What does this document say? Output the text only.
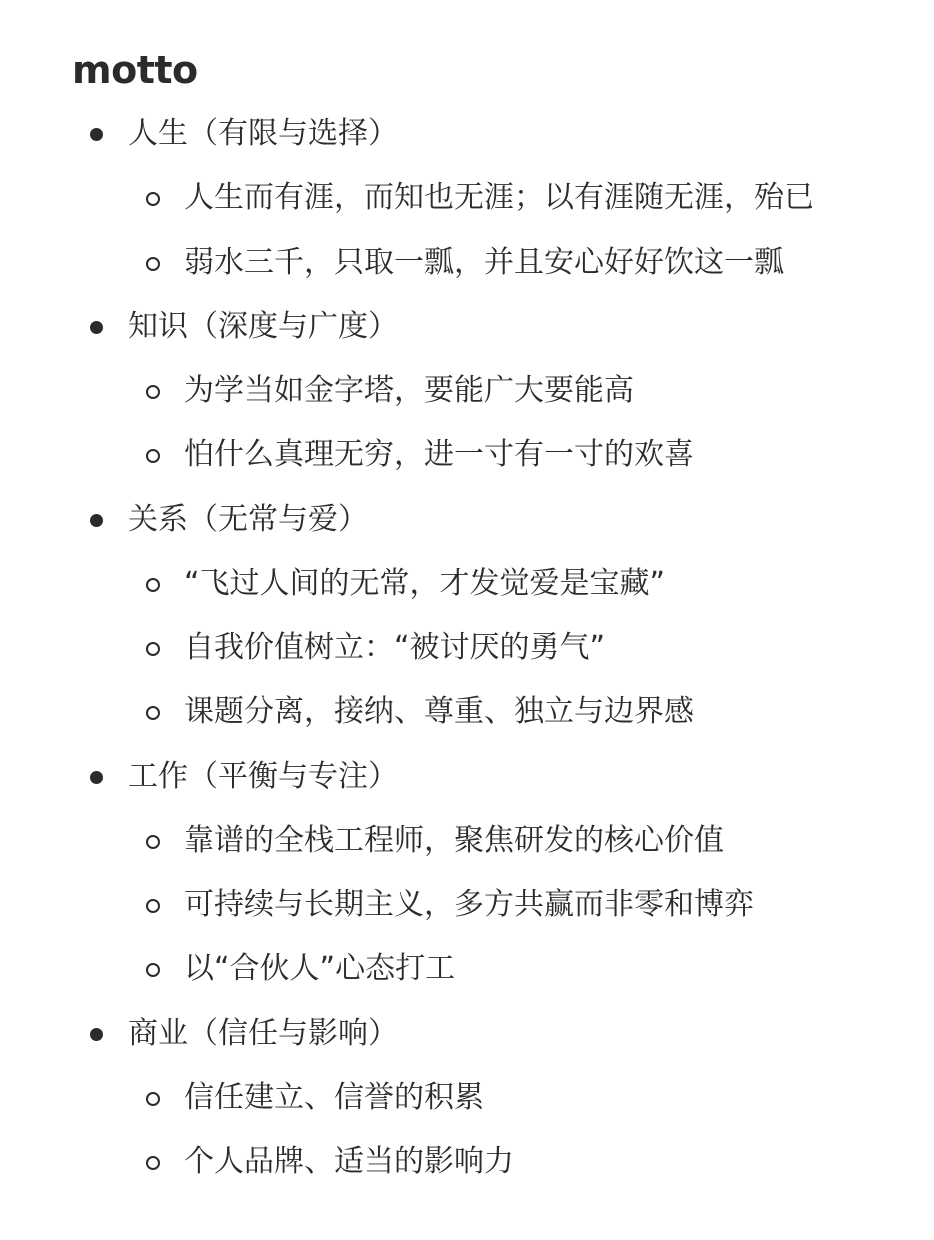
motto
人生（有限与选择）
人生而有涯，而知也无涯；以有涯随无涯，殆已
弱水三千，只取一瓢，并且安心好好饮这一瓢
知识（深度与广度）
为学当如金字塔，要能广大要能高
怕什么真理无穷，进一寸有一寸的欢喜
关系（无常与爱）
“飞过人间的无常，才发觉爱是宝藏”
自我价值树立：“被讨厌的勇气”
课题分离，接纳、尊重、独立与边界感
工作（平衡与专注）
靠谱的全栈工程师，聚焦研发的核心价值
可持续与长期主义，多方共赢而非零和博弈
以“合伙人”心态打工
商业（信任与影响）
信任建立、信誉的积累
个人品牌、适当的影响力
